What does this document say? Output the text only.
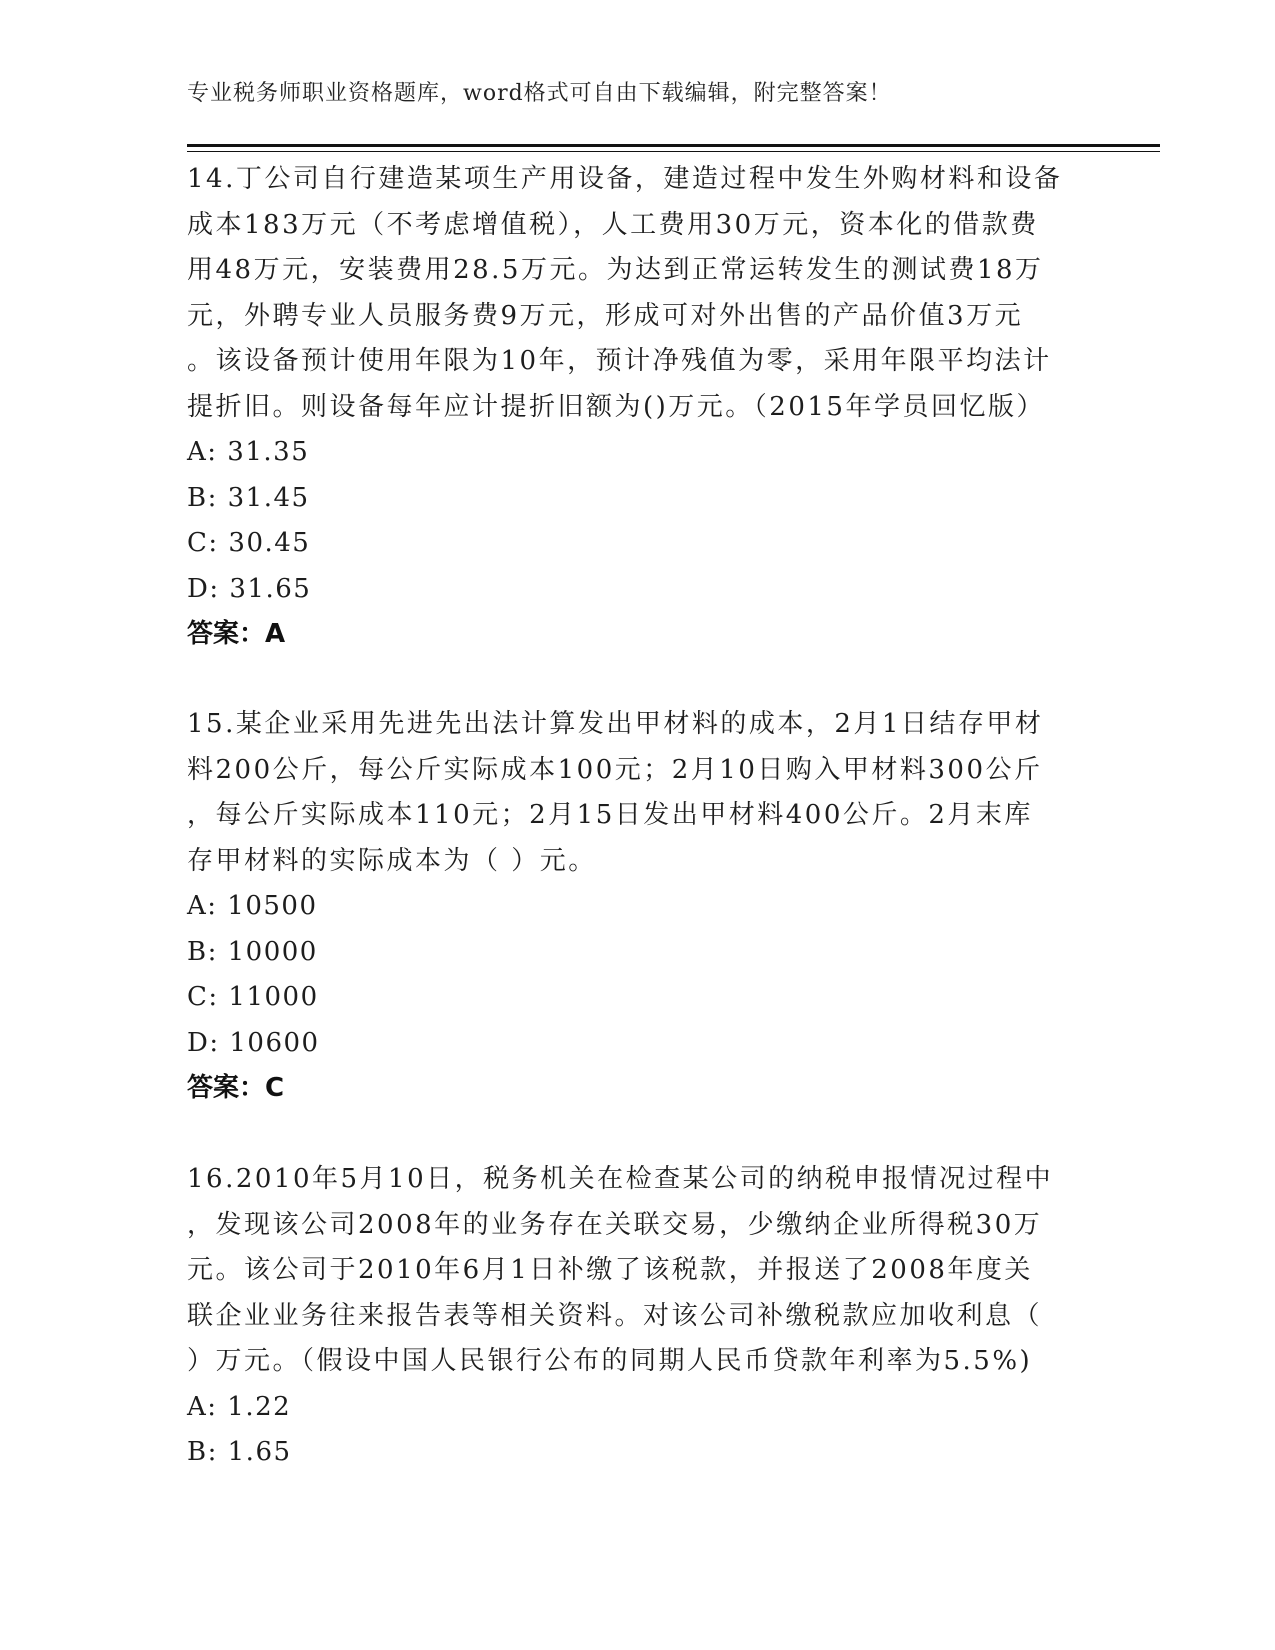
专业税务师职业资格题库，word格式可自由下载编辑，附完整答案！

14.丁公司自行建造某项生产用设备，建造过程中发生外购材料和设备

成本183万元（不考虑增值税），人工费用30万元，资本化的借款费

用48万元，安装费用28.5万元。为达到正常运转发生的测试费18万

元，外聘专业人员服务费9万元，形成可对外出售的产品价值3万元

。该设备预计使用年限为10年，预计净残值为零，采用年限平均法计

提折旧。则设备每年应计提折旧额为()万元。（2015年学员回忆版）

A: 31.35
B: 31.45
C: 30.45
D: 31.65
答案：A

15.某企业采用先进先出法计算发出甲材料的成本，2月1日结存甲材

料200公斤，每公斤实际成本100元；2月10日购入甲材料300公斤

，每公斤实际成本110元；2月15日发出甲材料400公斤。2月末库

存甲材料的实际成本为（ ）元。

A: 10500
B: 10000
C: 11000
D: 10600
答案：C

16.2010年5月10日，税务机关在检查某公司的纳税申报情况过程中

，发现该公司2008年的业务存在关联交易，少缴纳企业所得税30万

元。该公司于2010年6月1日补缴了该税款，并报送了2008年度关

联企业业务往来报告表等相关资料。对该公司补缴税款应加收利息（

）万元。（假设中国人民银行公布的同期人民币贷款年利率为5.5%)

A: 1.22
B: 1.65
